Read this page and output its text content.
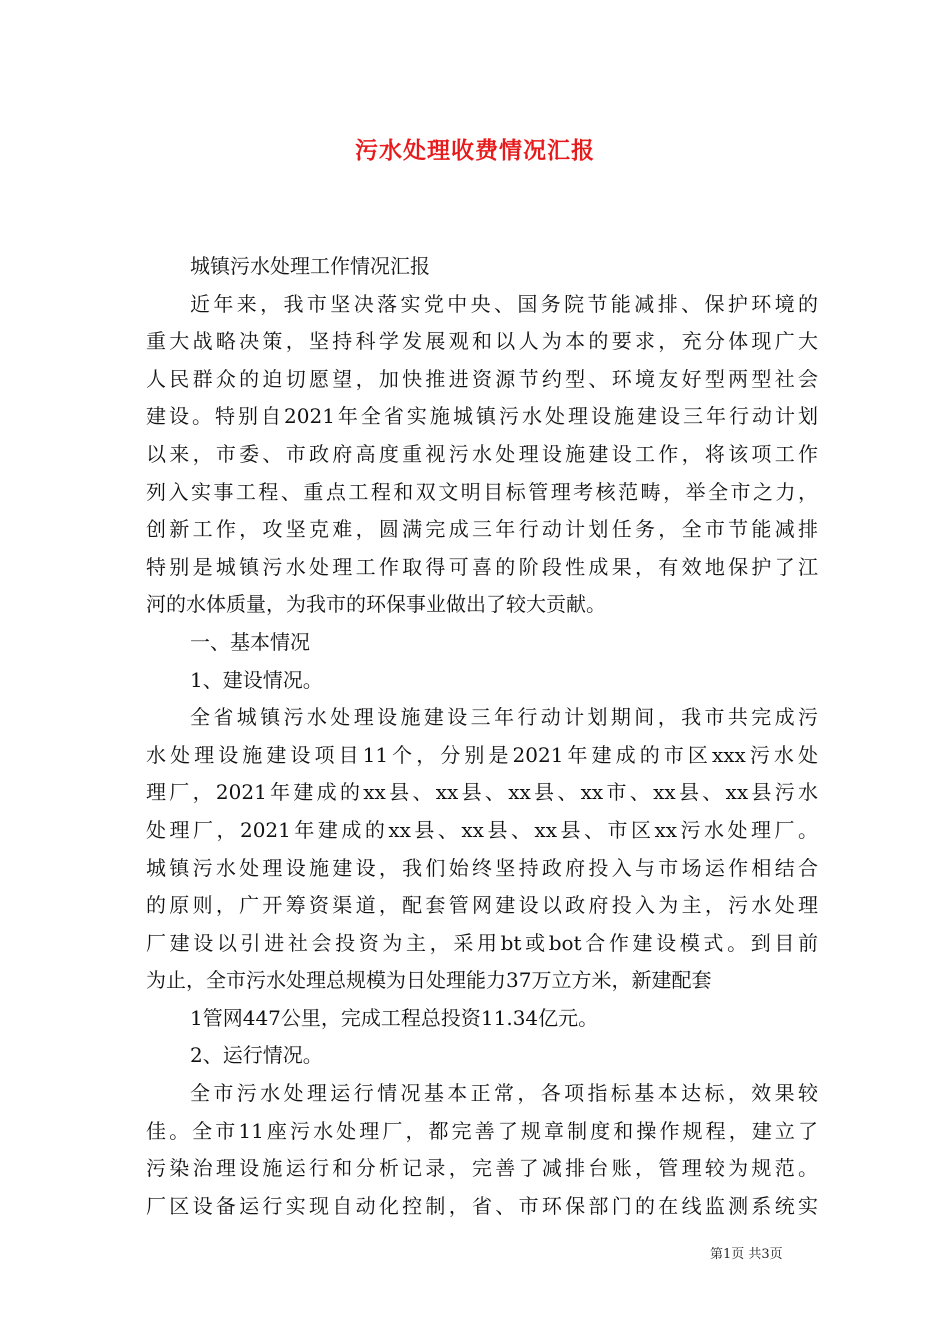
污水处理收费情况汇报
城镇污水处理工作情况汇报
近年来，我市坚决落实党中央、国务院节能减排、保护环境的
重大战略决策，坚持科学发展观和以人为本的要求，充分体现广大
人民群众的迫切愿望，加快推进资源节约型、环境友好型两型社会
建设。特别自2021年全省实施城镇污水处理设施建设三年行动计划
以来，市委、市政府高度重视污水处理设施建设工作，将该项工作
列入实事工程、重点工程和双文明目标管理考核范畴，举全市之力，
创新工作，攻坚克难，圆满完成三年行动计划任务，全市节能减排
特别是城镇污水处理工作取得可喜的阶段性成果，有效地保护了江
河的水体质量，为我市的环保事业做出了较大贡献。
一、基本情况
1、建设情况。
全省城镇污水处理设施建设三年行动计划期间，我市共完成污
水处理设施建设项目11个，分别是2021年建成的市区xxx污水处
理厂，2021年建成的xx县、xx县、xx县、xx市、xx县、xx县污水
处理厂，2021年建成的xx县、xx县、xx县、市区xx污水处理厂。
城镇污水处理设施建设，我们始终坚持政府投入与市场运作相结合
的原则，广开筹资渠道，配套管网建设以政府投入为主，污水处理
厂建设以引进社会投资为主，采用bt或bot合作建设模式。到目前
为止，全市污水处理总规模为日处理能力37万立方米，新建配套
1管网447公里，完成工程总投资11.34亿元。
2、运行情况。
全市污水处理运行情况基本正常，各项指标基本达标，效果较
佳。全市11座污水处理厂，都完善了规章制度和操作规程，建立了
污染治理设施运行和分析记录，完善了减排台账，管理较为规范。
厂区设备运行实现自动化控制，省、市环保部门的在线监测系统实
第1页 共3页
